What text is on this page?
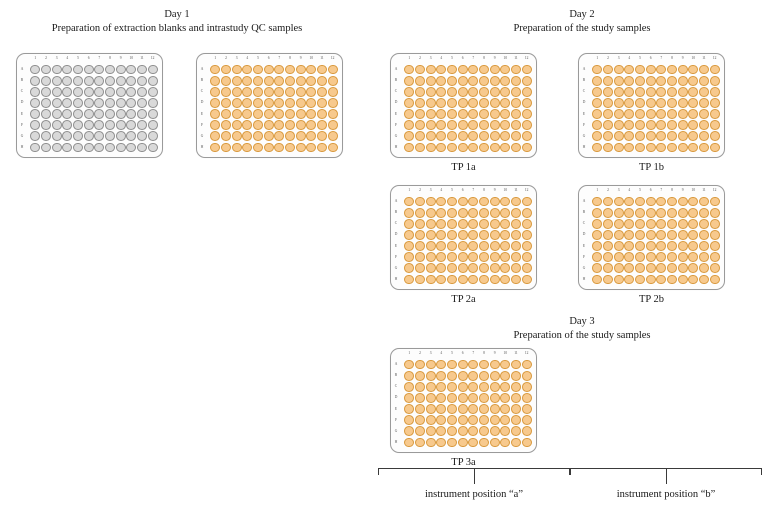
Day 1
Preparation of extraction blanks and intrastudy QC samples
1	2	3	4	5	6	7	8	9	10	11	12
A
B
C
D
E
F
G
H
1	2	3	4	5	6	7	8	9	10	11	12
A
B
C
D
E
F
G
H
Day 2
Preparation of the study samples
1	2	3	4	5	6	7	8	9	10	11	12
A
B
C
D
E
F
G
H
TP 1a
1	2	3	4	5	6	7	8	9	10	11	12
A
B
C
D
E
F
G
H
TP 1b
1	2	3	4	5	6	7	8	9	10	11	12
A
B
C
D
E
F
G
H
TP 2a
1	2	3	4	5	6	7	8	9	10	11	12
A
B
C
D
E
F
G
H
TP 2b
Day 3
Preparation of the study samples
1	2	3	4	5	6	7	8	9	10	11	12
A
B
C
D
E
F
G
H
TP 3a
instrument position “a”	instrument position “b”
